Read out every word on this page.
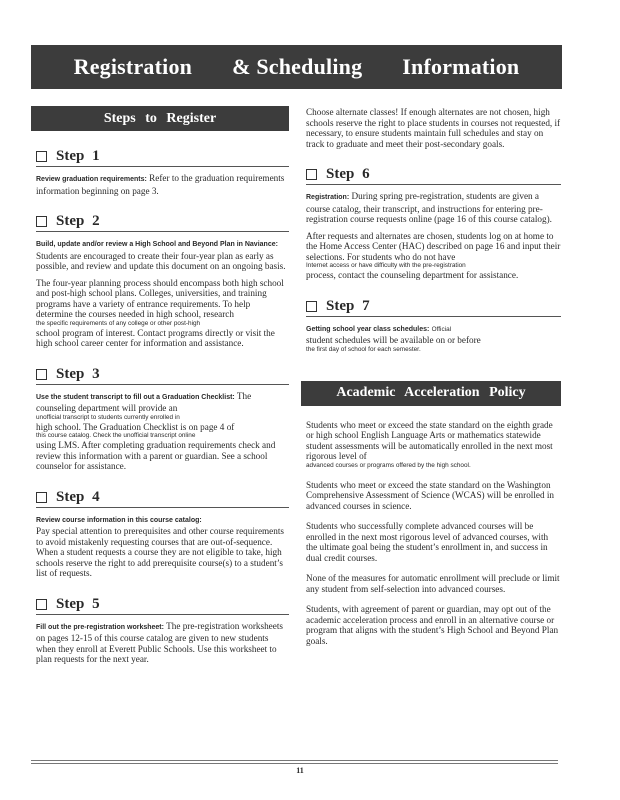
Registration & Scheduling Information
Steps to Register
Step 1
Review graduation requirements: Refer to the graduation requirements information beginning on page 3.
Step 2
Build, update and/or review a High School and Beyond Plan in Naviance: Students are encouraged to create their four-year plan as early as possible, and review and update this document on an ongoing basis.
The four-year planning process should encompass both high school and post-high school plans. Colleges, universities, and training programs have a variety of entrance requirements. To help determine the courses needed in high school, research
the specific requirements of any college or other post-high
school program of interest. Contact programs directly or visit the high school career center for information and assistance.
Step 3
Use the student transcript to fill out a Graduation Checklist: The counseling department will provide an
unofficial transcript to students currently enrolled in
high school. The Graduation Checklist is on page 4 of
this course catalog. Check the unofficial transcript online
using LMS. After completing graduation requirements check and review this information with a parent or guardian. See a school counselor for assistance.
Step 4
Review course information in this course catalog:
Pay special attention to prerequisites and other course requirements to avoid mistakenly requesting courses that are out-of-sequence. When a student requests a course they are not eligible to take, high schools reserve the right to add prerequisite course(s) to a student’s list of requests.
Step 5
Fill out the pre-registration worksheet: The pre-registration worksheets on pages 12-15 of this course catalog are given to new students when they enroll at Everett Public Schools. Use this worksheet to plan requests for the next year.
Choose alternate classes! If enough alternates are not chosen, high schools reserve the right to place students in courses not requested, if necessary, to ensure students maintain full schedules and stay on track to graduate and meet their post-secondary goals.
Step 6
Registration: During spring pre-registration, students are given a course catalog, their transcript, and instructions for entering pre-registration course requests online (page 16 of this course catalog).
After requests and alternates are chosen, students log on at home to the Home Access Center (HAC) described on page 16 and input their selections. For students who do not have
Internet access or have difficulty with the pre-registration
process, contact the counseling department for assistance.
Step 7
Getting school year class schedules: Official
student schedules will be available on or before
the first day of school for each semester.
Academic Acceleration Policy
Students who meet or exceed the state standard on the eighth grade or high school English Language Arts or mathematics statewide student assessments will be automatically enrolled in the next most rigorous level of
advanced courses or programs offered by the high school.
Students who meet or exceed the state standard on the Washington Comprehensive Assessment of Science (WCAS) will be enrolled in advanced courses in science.
Students who successfully complete advanced courses will be enrolled in the next most rigorous level of advanced courses, with the ultimate goal being the student’s enrollment in, and success in dual credit courses.
None of the measures for automatic enrollment will preclude or limit any student from self-selection into advanced courses.
Students, with agreement of parent or guardian, may opt out of the academic acceleration process and enroll in an alternative course or program that aligns with the student’s High School and Beyond Plan goals.
11
